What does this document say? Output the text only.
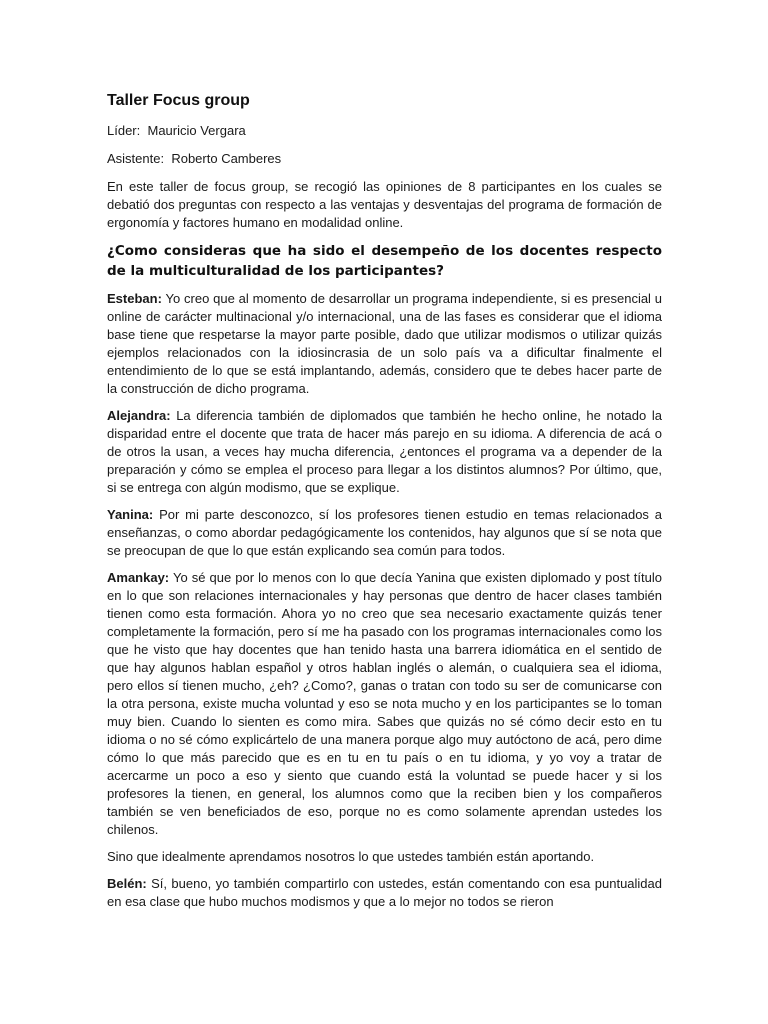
Taller Focus group

Líder: Mauricio Vergara

Asistente: Roberto Camberes

En este taller de focus group, se recogió las opiniones de 8 participantes en los cuales se debatió dos preguntas con respecto a las ventajas y desventajas del programa de formación de ergonomía y factores humano en modalidad online.

¿Como consideras que ha sido el desempeño de los docentes respecto de la multiculturalidad de los participantes?

Esteban: Yo creo que al momento de desarrollar un programa independiente, si es presencial u online de carácter multinacional y/o internacional, una de las fases es considerar que el idioma base tiene que respetarse la mayor parte posible, dado que utilizar modismos o utilizar quizás ejemplos relacionados con la idiosincrasia de un solo país va a dificultar finalmente el entendimiento de lo que se está implantando, además, considero que te debes hacer parte de la construcción de dicho programa.

Alejandra: La diferencia también de diplomados que también he hecho online, he notado la disparidad entre el docente que trata de hacer más parejo en su idioma. A diferencia de acá o de otros la usan, a veces hay mucha diferencia, ¿entonces el programa va a depender de la preparación y cómo se emplea el proceso para llegar a los distintos alumnos? Por último, que, si se entrega con algún modismo, que se explique.

Yanina: Por mi parte desconozco, sí los profesores tienen estudio en temas relacionados a enseñanzas, o como abordar pedagógicamente los contenidos, hay algunos que sí se nota que se preocupan de que lo que están explicando sea común para todos.

Amankay: Yo sé que por lo menos con lo que decía Yanina que existen diplomado y post título en lo que son relaciones internacionales y hay personas que dentro de hacer clases también tienen como esta formación. Ahora yo no creo que sea necesario exactamente quizás tener completamente la formación, pero sí me ha pasado con los programas internacionales como los que he visto que hay docentes que han tenido hasta una barrera idiomática en el sentido de que hay algunos hablan español y otros hablan inglés o alemán, o cualquiera sea el idioma, pero ellos sí tienen mucho, ¿eh? ¿Como?, ganas o tratan con todo su ser de comunicarse con la otra persona, existe mucha voluntad y eso se nota mucho y en los participantes se lo toman muy bien. Cuando lo sienten es como mira. Sabes que quizás no sé cómo decir esto en tu idioma o no sé cómo explicártelo de una manera porque algo muy autóctono de acá, pero dime cómo lo que más parecido que es en tu en tu país o en tu idioma, y yo voy a tratar de acercarme un poco a eso y siento que cuando está la voluntad se puede hacer y si los profesores la tienen, en general, los alumnos como que la reciben bien y los compañeros también se ven beneficiados de eso, porque no es como solamente aprendan ustedes los chilenos.

Sino que idealmente aprendamos nosotros lo que ustedes también están aportando.

Belén: Sí, bueno, yo también compartirlo con ustedes, están comentando con esa puntualidad en esa clase que hubo muchos modismos y que a lo mejor no todos se rieron
